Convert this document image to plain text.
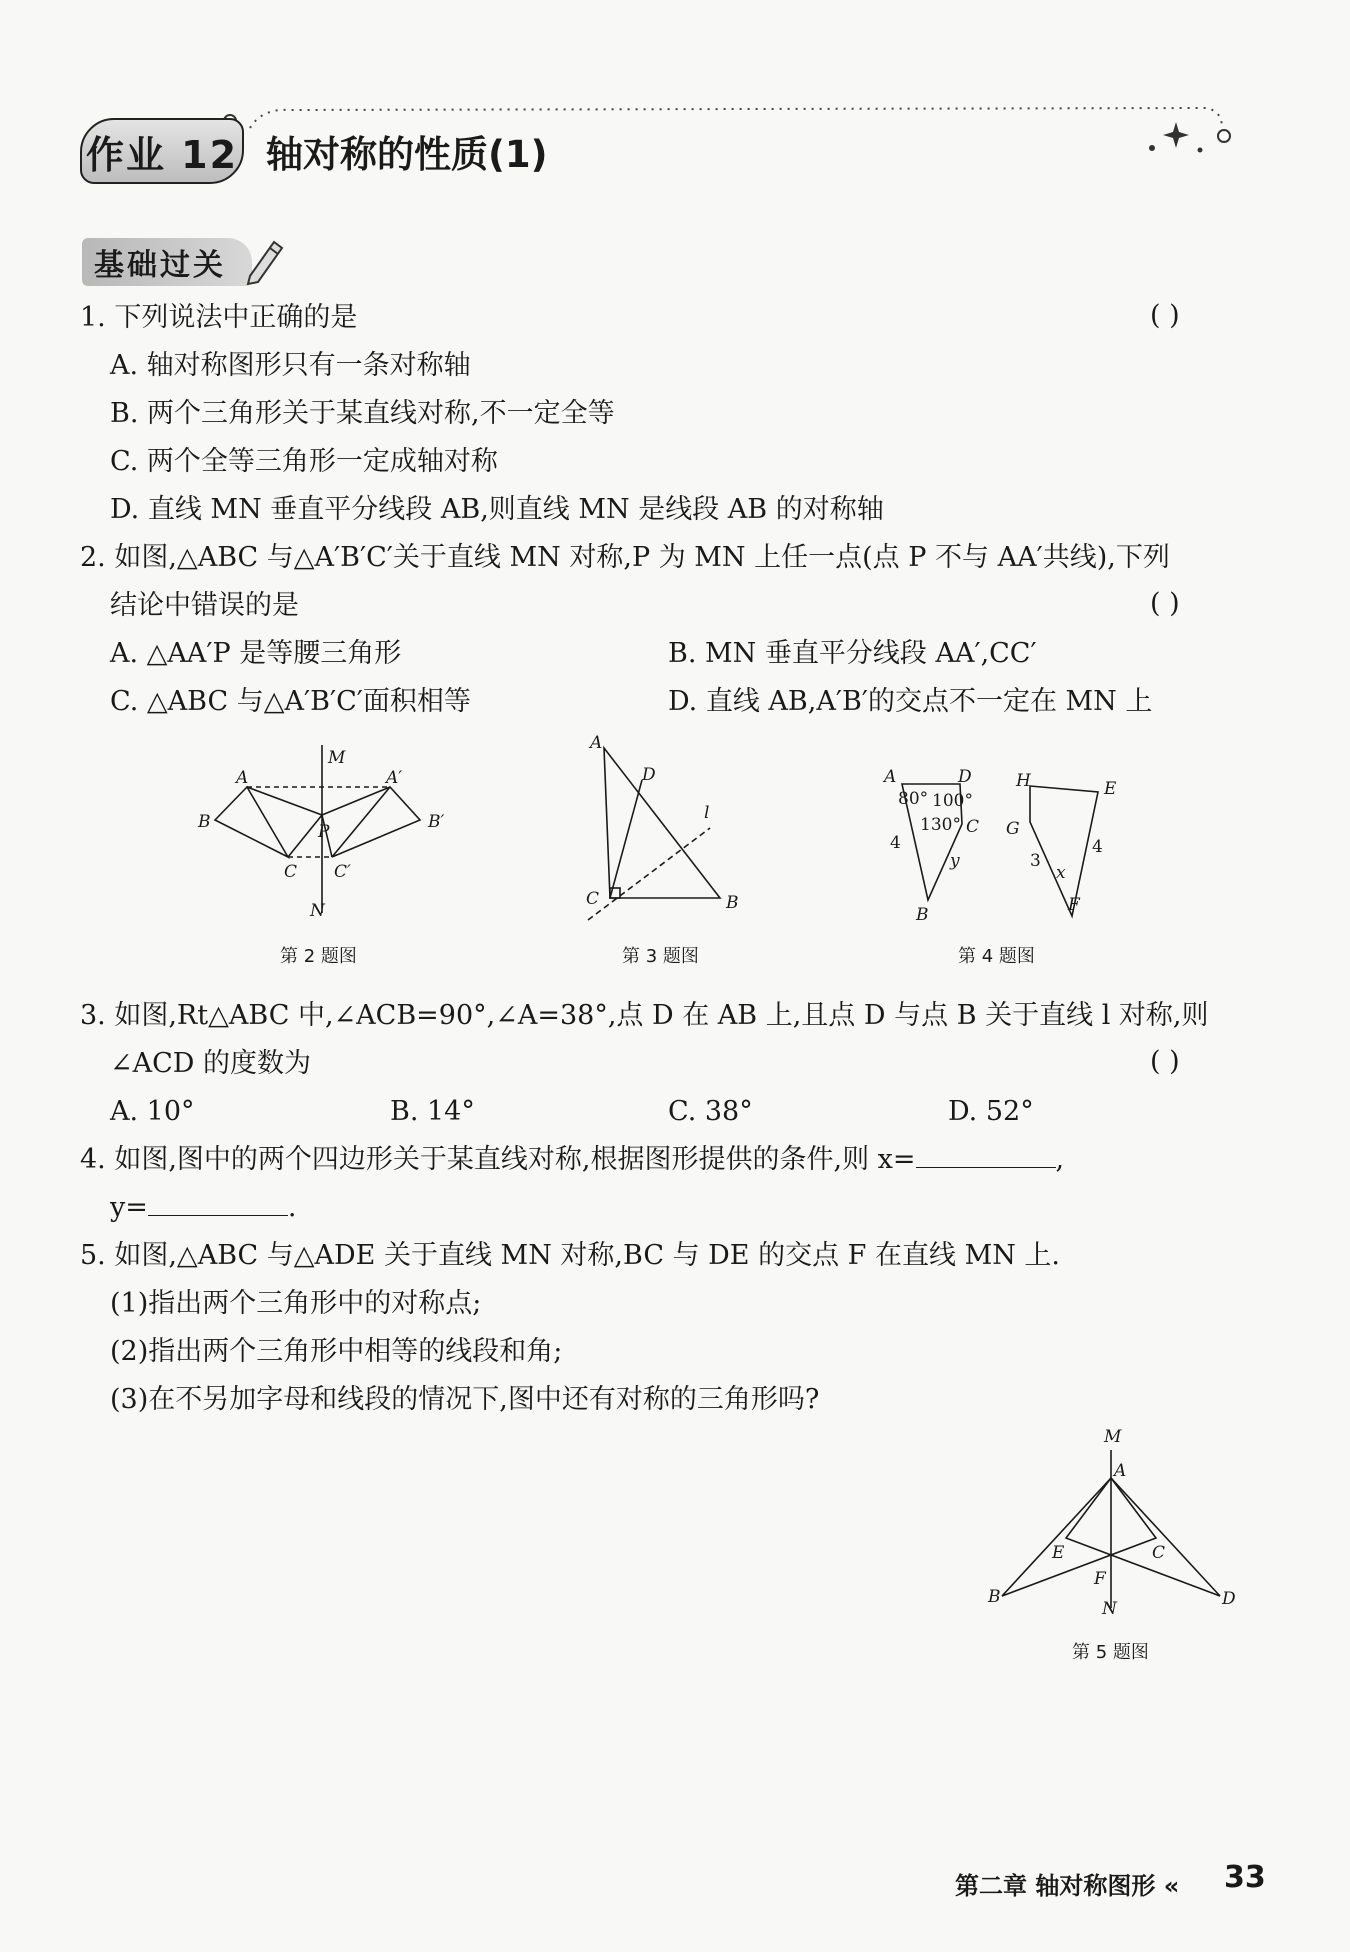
作业 12 轴对称的性质(1)
基础过关
1. 下列说法中正确的是	( )
A. 轴对称图形只有一条对称轴
B. 两个三角形关于某直线对称,不一定全等
C. 两个全等三角形一定成轴对称
D. 直线 MN 垂直平分线段 AB,则直线 MN 是线段 AB 的对称轴
2. 如图,△ABC 与△A′B′C′关于直线 MN 对称,P 为 MN 上任一点(点 P 不与 AA′共线),下列
结论中错误的是	( )
A. △AA′P 是等腰三角形	B. MN 垂直平分线段 AA′,CC′
C. △ABC 与△A′B′C′面积相等	D. 直线 AB,A′B′的交点不一定在 MN 上
M
A	A′
B	B′
P
C C′
N
第 2 题图
A
D
l
C	B
第 3 题图
A	D
80° 100°
130° C
4
y
B
H	E
G
4
3
x
F
第 4 题图
3. 如图,Rt△ABC 中,∠ACB=90°,∠A=38°,点 D 在 AB 上,且点 D 与点 B 关于直线 l 对称,则
∠ACD 的度数为	( )
A. 10°	B. 14°	C. 38°	D. 52°
4. 如图,图中的两个四边形关于某直线对称,根据图形提供的条件,则 x=	,
y=	.
5. 如图,△ABC 与△ADE 关于直线 MN 对称,BC 与 DE 的交点 F 在直线 MN 上.
(1)指出两个三角形中的对称点;
(2)指出两个三角形中相等的线段和角;
(3)在不另加字母和线段的情况下,图中还有对称的三角形吗?
M
A
E	C
F
B
N	D
第 5 题图
第二章 轴对称图形 « 33
